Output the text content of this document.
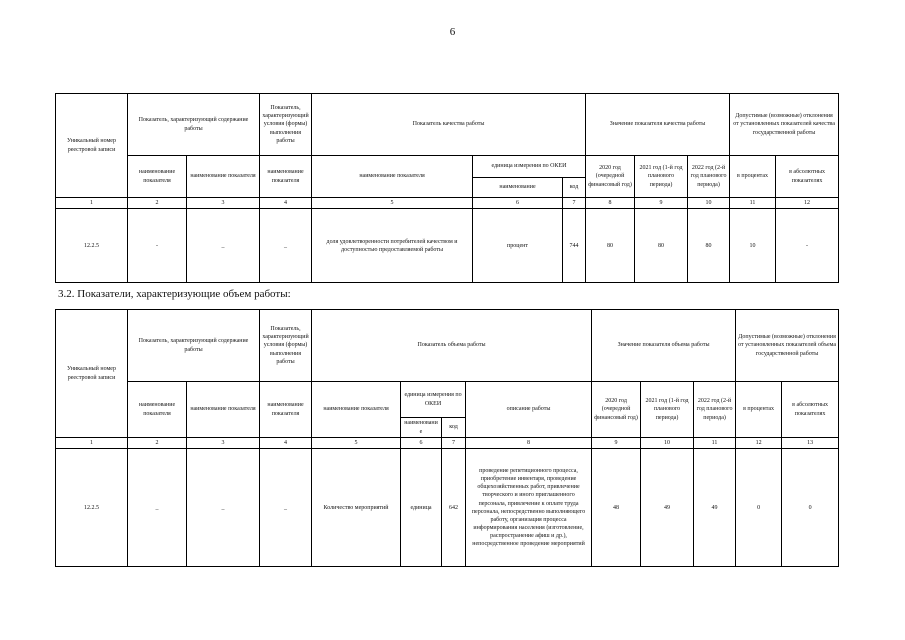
6
Уникальный номер реестровой записи	Показатель, характеризующий содержание работы		Показатель, характеризующий условия (формы) выполнения работы	Показатель качества работы			Значение показателя качества работы			Допустимые (возможные) отклонения от установленных показателей качества государственной работы	
	наименование показателя	наименование показателя	наименование показателя	наименование показателя	единица измерения по ОКЕИ		2020 год (очередной финансовый год)	2021 год (1-й год планового периода)	2022 год (2-й год планового периода)	в процентах	в абсолютных показателях
					наименование	код					
1	2	3	4	5	6	7	8	9	10	11	12
12.2.5	-	_	_	доля удовлетворенности потребителей качеством и доступностью предоставляемой работы	процент	744	80	80	80	10	-
3.2. Показатели, характеризующие объем работы:
Уникальный номер реестровой записи	Показатель, характеризующий содержание работы		Показатель, характеризующий условия (формы) выполнения работы	Показатель объема работы				Значение показателя объема работы			Допустимые (возможные) отклонения от установленных показателей объема государственной работы	
	наименование показателя	наименование показателя	наименование показателя	наименование показателя	единица измерения по ОКЕИ		описание работы	2020 год (очередной финансовый год)	2021 год (1-й год планового периода)	2022 год (2-й год планового периода)	в процентах	в абсолютных показателях
					наименование	код						
1	2	3	4	5	6	7	8	9	10	11	12	13
12.2.5	_	_	_	Количество мероприятий	единица	642	проведение репетиционного процесса, приобретение инвентаря, проведение общехозяйственных работ, привлечение творческого и иного приглашенного персонала, привлечение к оплате труда персонала, непосредственно выполняющего работу, организация процесса информирования населения (изготовление, распространение афиш и др.), непосредственное проведение мероприятий	48	49	49	0	0
